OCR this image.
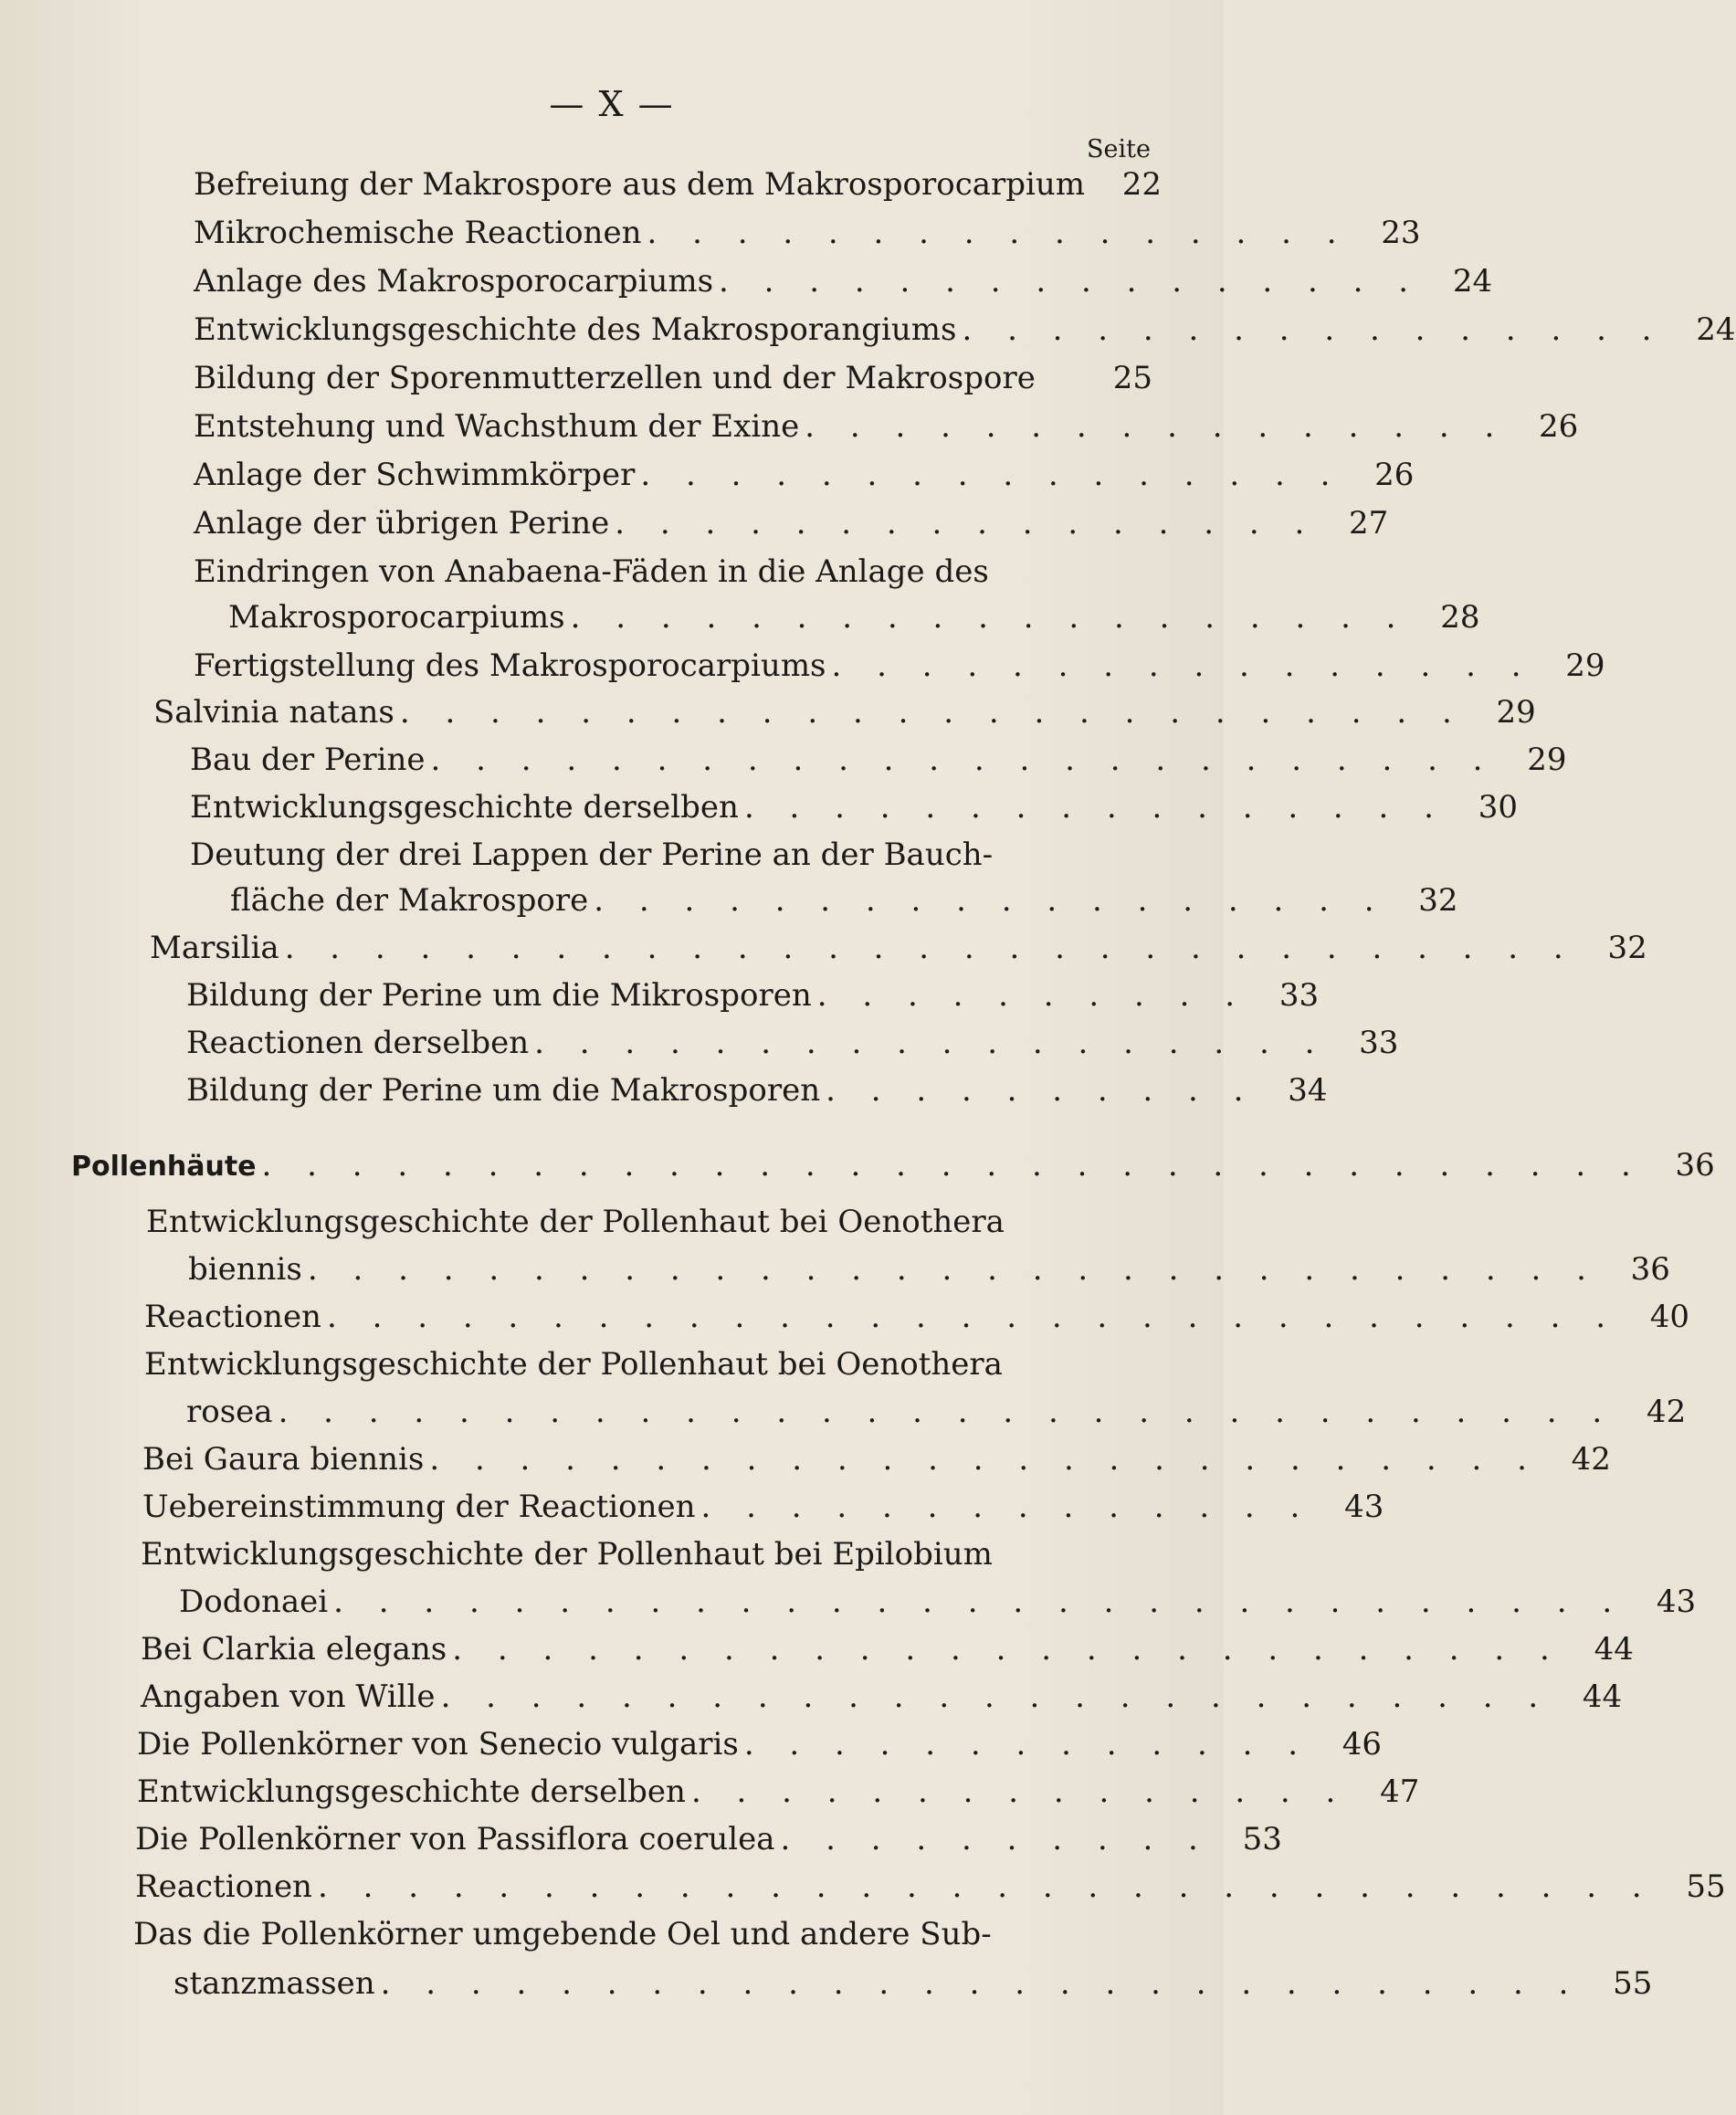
— X —
Seite
Befreiung der Makrospore aus dem Makrosporocarpium	22
Mikrochemische Reactionen . . . . . . . . . . . . . . . .	23
Anlage des Makrosporocarpiums . . . . . . . . . . . . . . . .	24
Entwicklungsgeschichte des Makrosporangiums . . . . . . . . . . . . . . . .	24
Bildung der Sporenmutterzellen und der Makrospore	25
Entstehung und Wachsthum der Exine . . . . . . . . . . . . . . . .	26
Anlage der Schwimmkörper . . . . . . . . . . . . . . . .	26
Anlage der übrigen Perine . . . . . . . . . . . . . . . .	27
Eindringen von Anabaena-Fäden in die Anlage des
Makrosporocarpiums . . . . . . . . . . . . . . . . . . .	28
Fertigstellung des Makrosporocarpiums . . . . . . . . . . . . . . . .	29
Salvinia natans . . . . . . . . . . . . . . . . . . . . . . . .	29
Bau der Perine . . . . . . . . . . . . . . . . . . . . . . . .	29
Entwicklungsgeschichte derselben . . . . . . . . . . . . . . . .	30
Deutung der drei Lappen der Perine an der Bauch-
fläche der Makrospore . . . . . . . . . . . . . . . . . .	32
Marsilia . . . . . . . . . . . . . . . . . . . . . . . . . . . . .	32
Bildung der Perine um die Mikrosporen . . . . . . . . . .	33
Reactionen derselben . . . . . . . . . . . . . . . . . .	33
Bildung der Perine um die Makrosporen . . . . . . . . . .	34
Pollenhäute . . . . . . . . . . . . . . . . . . . . . . . . . . . . . . .	36
Entwicklungsgeschichte der Pollenhaut bei Oenothera
biennis . . . . . . . . . . . . . . . . . . . . . . . . . . . . .	36
Reactionen . . . . . . . . . . . . . . . . . . . . . . . . . . . . .	40
Entwicklungsgeschichte der Pollenhaut bei Oenothera
rosea . . . . . . . . . . . . . . . . . . . . . . . . . . . . . .	42
Bei Gaura biennis . . . . . . . . . . . . . . . . . . . . . . . . .	42
Uebereinstimmung der Reactionen . . . . . . . . . . . . . .	43
Entwicklungsgeschichte der Pollenhaut bei Epilobium
Dodonaei . . . . . . . . . . . . . . . . . . . . . . . . . . . . .	43
Bei Clarkia elegans . . . . . . . . . . . . . . . . . . . . . . . . .	44
Angaben von Wille . . . . . . . . . . . . . . . . . . . . . . . . .	44
Die Pollenkörner von Senecio vulgaris . . . . . . . . . . . . .	46
Entwicklungsgeschichte derselben . . . . . . . . . . . . . . .	47
Die Pollenkörner von Passiflora coerulea . . . . . . . . . .	53
Reactionen . . . . . . . . . . . . . . . . . . . . . . . . . . . . . .	55
Das die Pollenkörner umgebende Oel und andere Sub-
stanzmassen . . . . . . . . . . . . . . . . . . . . . . . . . . .	55
